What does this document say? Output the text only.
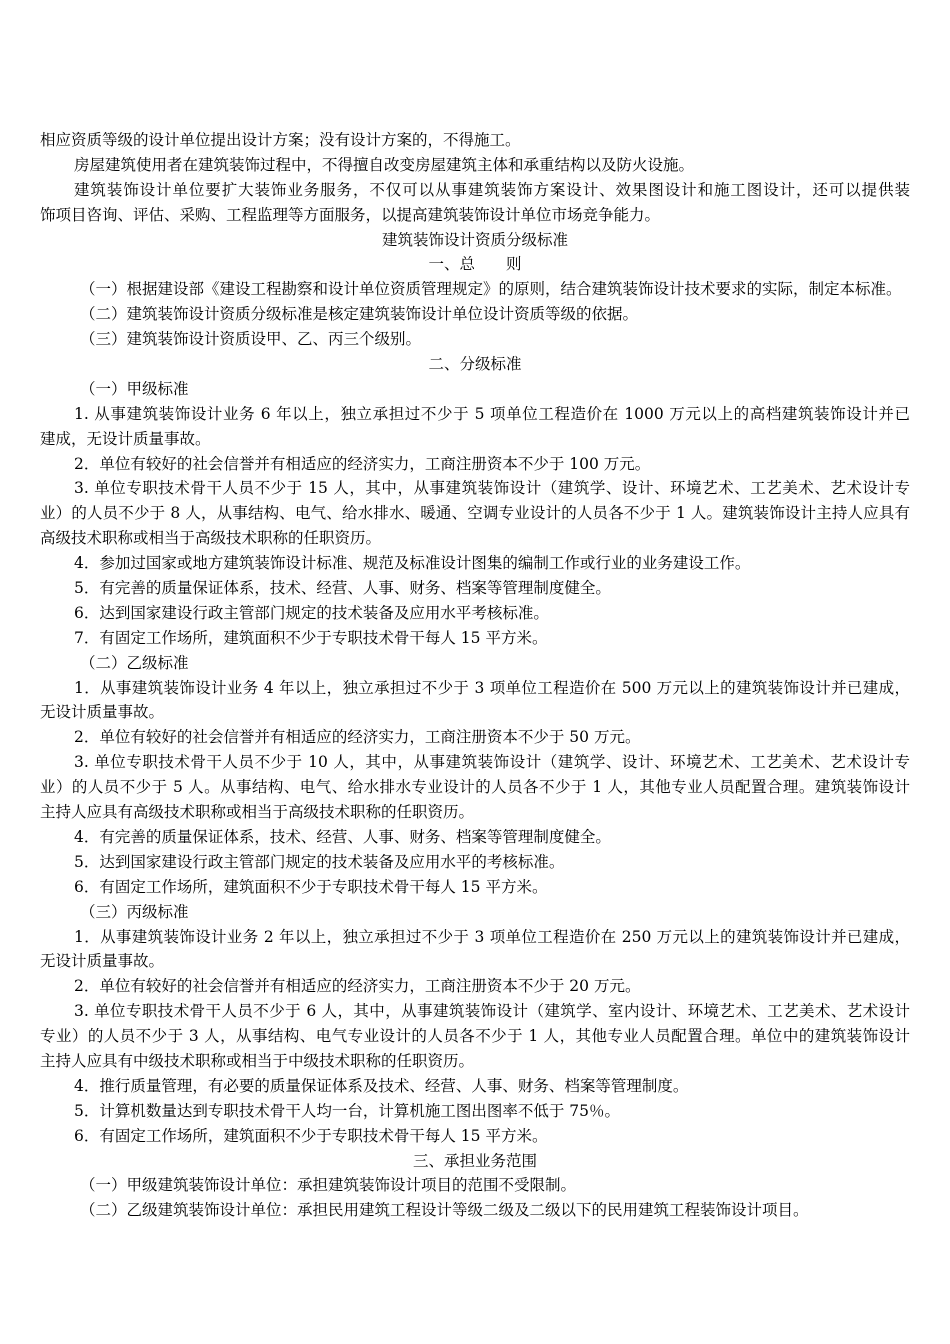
相应资质等级的设计单位提出设计方案；没有设计方案的，不得施工。
房屋建筑使用者在建筑装饰过程中，不得擅自改变房屋建筑主体和承重结构以及防火设施。
建筑装饰设计单位要扩大装饰业务服务，不仅可以从事建筑装饰方案设计、效果图设计和施工图设计，还可以提供装
饰项目咨询、评估、采购、工程监理等方面服务，以提高建筑装饰设计单位市场竞争能力。
建筑装饰设计资质分级标准
一、总　　则
（一）根据建设部《建设工程勘察和设计单位资质管理规定》的原则，结合建筑装饰设计技术要求的实际，制定本标准。
（二）建筑装饰设计资质分级标准是核定建筑装饰设计单位设计资质等级的依据。
（三）建筑装饰设计资质设甲、乙、丙三个级别。
二、分级标准
（一）甲级标准
1. 从事建筑装饰设计业务 6 年以上，独立承担过不少于 5 项单位工程造价在 1000 万元以上的高档建筑装饰设计并已
建成，无设计质量事故。
2．单位有较好的社会信誉并有相适应的经济实力，工商注册资本不少于 100 万元。
3. 单位专职技术骨干人员不少于 15 人，其中，从事建筑装饰设计（建筑学、设计、环境艺术、工艺美术、艺术设计专
业）的人员不少于 8 人，从事结构、电气、给水排水、暖通、空调专业设计的人员各不少于 1 人。建筑装饰设计主持人应具有
高级技术职称或相当于高级技术职称的任职资历。
4．参加过国家或地方建筑装饰设计标准、规范及标准设计图集的编制工作或行业的业务建设工作。
5．有完善的质量保证体系，技术、经营、人事、财务、档案等管理制度健全。
6．达到国家建设行政主管部门规定的技术装备及应用水平考核标准。
7．有固定工作场所，建筑面积不少于专职技术骨干每人 15 平方米。
（二）乙级标准
1．从事建筑装饰设计业务 4 年以上，独立承担过不少于 3 项单位工程造价在 500 万元以上的建筑装饰设计并已建成，
无设计质量事故。
2．单位有较好的社会信誉并有相适应的经济实力，工商注册资本不少于 50 万元。
3. 单位专职技术骨干人员不少于 10 人，其中，从事建筑装饰设计（建筑学、设计、环境艺术、工艺美术、艺术设计专
业）的人员不少于 5 人。从事结构、电气、给水排水专业设计的人员各不少于 1 人，其他专业人员配置合理。建筑装饰设计
主持人应具有高级技术职称或相当于高级技术职称的任职资历。
4．有完善的质量保证体系，技术、经营、人事、财务、档案等管理制度健全。
5．达到国家建设行政主管部门规定的技术装备及应用水平的考核标准。
6．有固定工作场所，建筑面积不少于专职技术骨干每人 15 平方米。
（三）丙级标准
1．从事建筑装饰设计业务 2 年以上，独立承担过不少于 3 项单位工程造价在 250 万元以上的建筑装饰设计并已建成，
无设计质量事故。
2．单位有较好的社会信誉并有相适应的经济实力，工商注册资本不少于 20 万元。
3. 单位专职技术骨干人员不少于 6 人，其中，从事建筑装饰设计（建筑学、室内设计、环境艺术、工艺美术、艺术设计
专业）的人员不少于 3 人，从事结构、电气专业设计的人员各不少于 1 人，其他专业人员配置合理。单位中的建筑装饰设计
主持人应具有中级技术职称或相当于中级技术职称的任职资历。
4．推行质量管理，有必要的质量保证体系及技术、经营、人事、财务、档案等管理制度。
5．计算机数量达到专职技术骨干人均一台，计算机施工图出图率不低于 75％。
6．有固定工作场所，建筑面积不少于专职技术骨干每人 15 平方米。
三、承担业务范围
（一）甲级建筑装饰设计单位：承担建筑装饰设计项目的范围不受限制。
（二）乙级建筑装饰设计单位：承担民用建筑工程设计等级二级及二级以下的民用建筑工程装饰设计项目。
